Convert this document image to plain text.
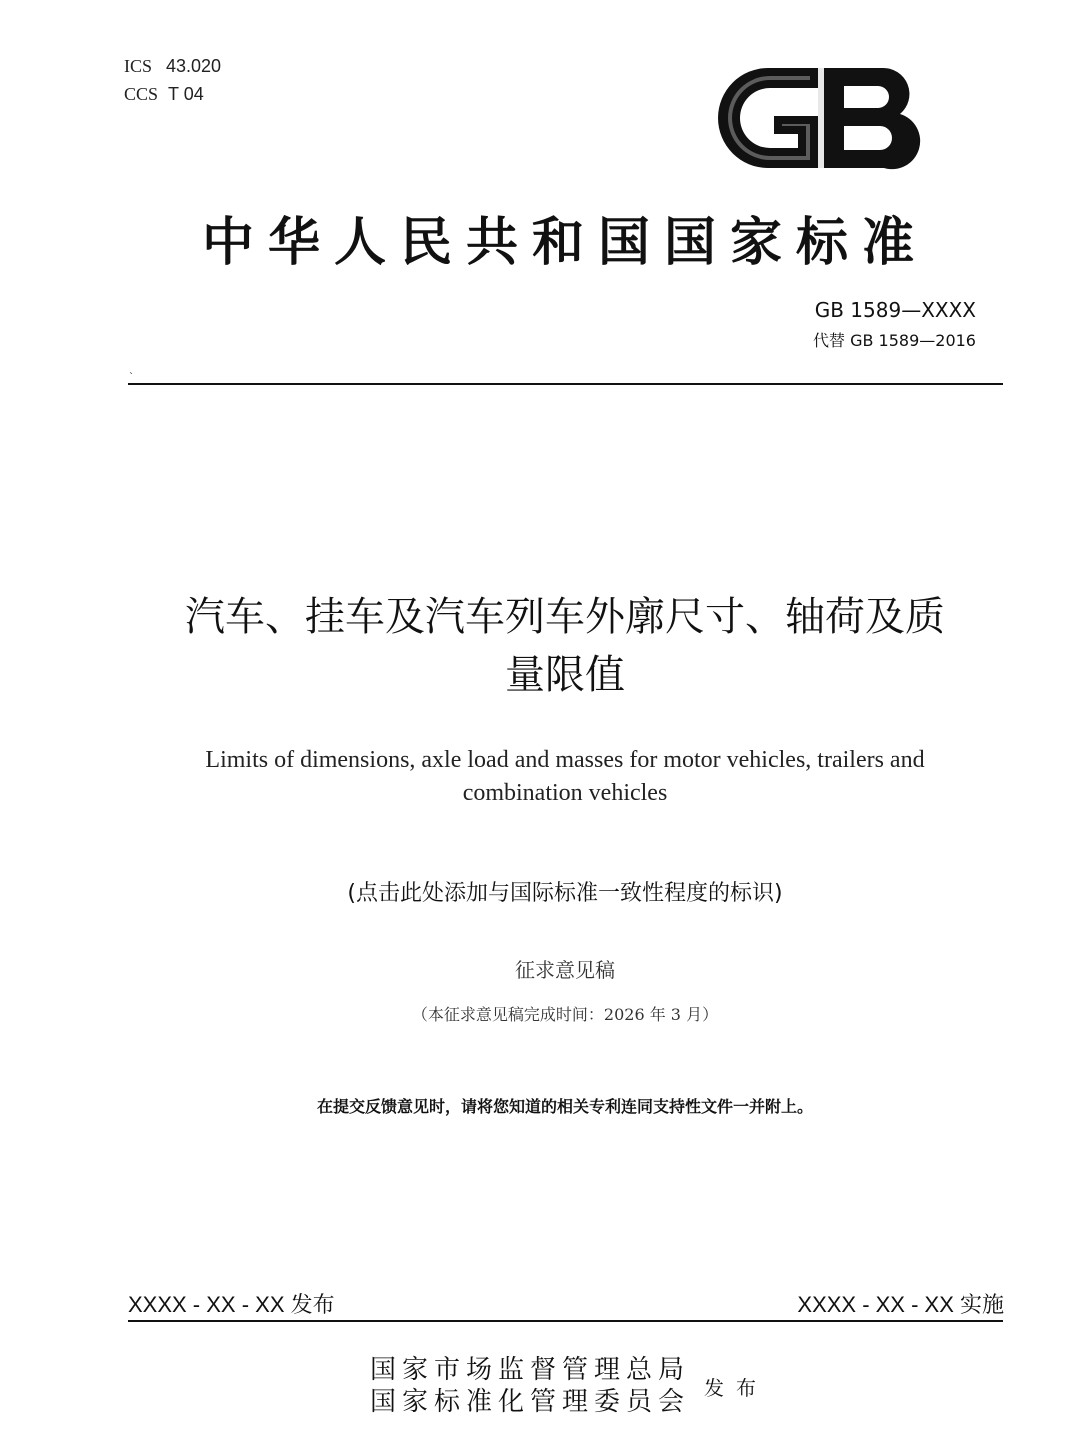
ICS 43.020
CCS T 04
中华人民共和国国家标准
GB 1589—XXXX
代替 GB 1589—2016
`
汽车、挂车及汽车列车外廓尺寸、轴荷及质
量限值
Limits of dimensions, axle load and masses for motor vehicles, trailers and combination vehicles
(点击此处添加与国际标准一致性程度的标识)
征求意见稿
（本征求意见稿完成时间：2026 年 3 月）
在提交反馈意见时，请将您知道的相关专利连同支持性文件一并附上。
XXXX - XX - XX 发布	XXXX - XX - XX 实施
国家市场监督管理总局
国家标准化管理委员会 发布
